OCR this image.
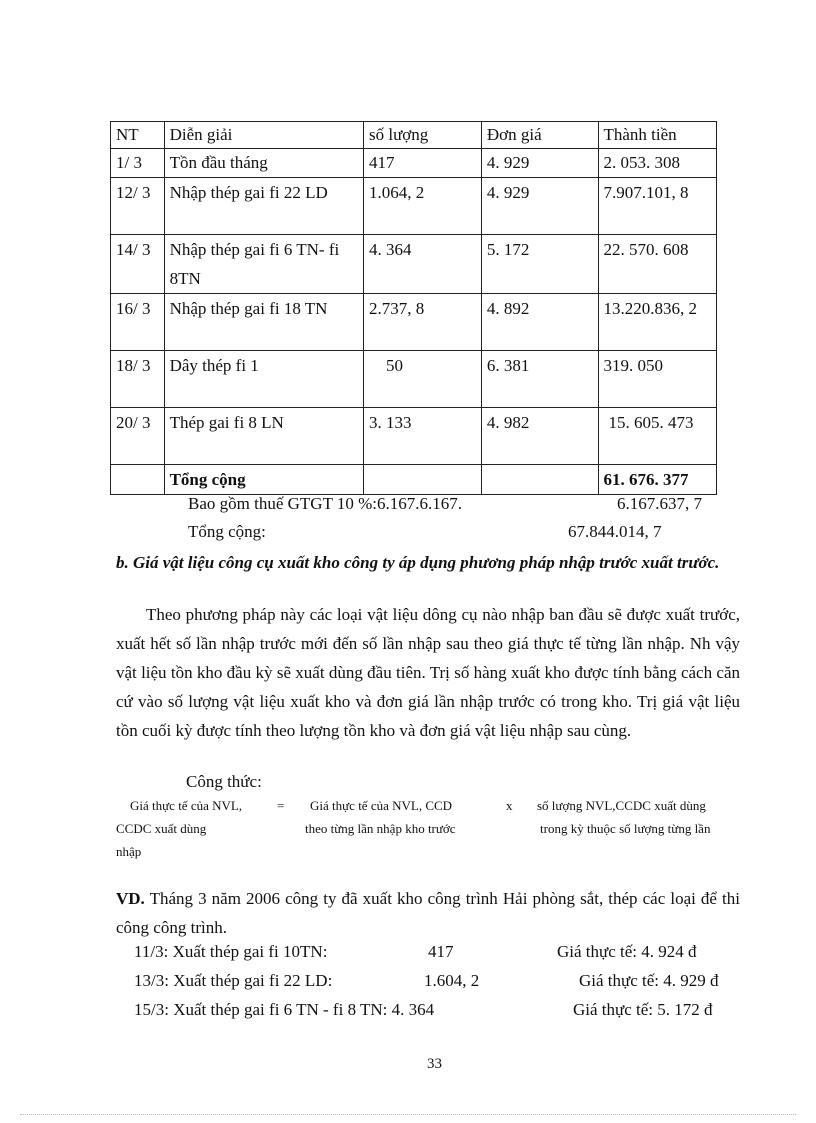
NT	Diễn giải	số lượng	Đơn giá	Thành tiền
1/ 3	Tồn đầu tháng	417	4. 929	2. 053. 308
12/ 3	Nhập thép gai fi 22 LD	1.064, 2	4. 929	7.907.101, 8
14/ 3	Nhập thép gai fi 6 TN- fi 8TN	4. 364	5. 172	22. 570. 608
16/ 3	Nhập thép gai fi 18 TN	2.737, 8	4. 892	13.220.836, 2
18/ 3	Dây thép fi 1	50	6. 381	319. 050
20/ 3	Thép gai fi 8 LN	3. 133	4. 982	15. 605. 473
	Tổng cộng			61. 676. 377
Bao gồm thuế GTGT 10 %:6.167.6.167.	6.167.637, 7
Tổng cộng:	67.844.014, 7
b. Giá vật liệu công cụ xuất kho công ty áp dụng phương pháp nhập trước xuất trước.
Theo phương pháp này các loại vật liệu dông cụ nào nhập ban đầu sẽ được xuất trước, xuất hết số lần nhập trước mới đến số lần nhập sau theo giá thực tế từng lần nhập. Nh vậy vật liệu tồn kho đầu kỳ sẽ xuất dùng đầu tiên. Trị số hàng xuất kho được tính bằng cách căn cứ vào số lượng vật liệu xuất kho và đơn giá lần nhập trước có trong kho. Trị giá vật liệu tồn cuối kỳ được tính theo lượng tồn kho và đơn giá vật liệu nhập sau cùng.
Công thức:
Giá thực tế của NVL,	= Giá thực tế của NVL, CCD	x số lượng NVL,CCDC xuất dùng
CCDC xuất dùng	theo từng lần nhập kho trước	trong kỳ thuộc số lượng từng lần
nhập
VD. Tháng 3 năm 2006 công ty đã xuất kho công trình Hải phòng sắt, thép các loại để thi công công trình.
11/3: Xuất thép gai fi 10TN:	417	Giá thực tế: 4. 924 đ
13/3: Xuất thép gai fi 22 LD:	1.604, 2	Giá thực tế: 4. 929 đ
15/3: Xuất thép gai fi 6 TN - fi 8 TN: 4. 364	Giá thực tế: 5. 172 đ
33
